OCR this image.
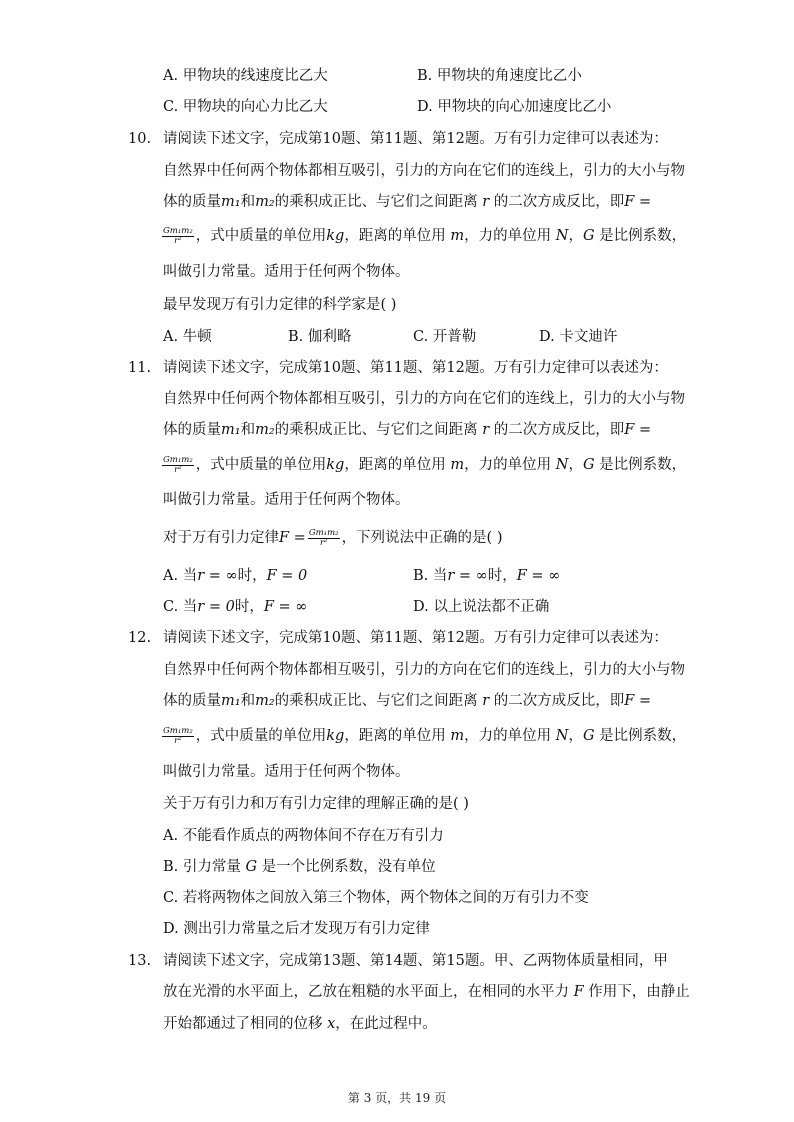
A. 甲物块的线速度比乙大	B. 甲物块的角速度比乙小
C. 甲物块的向心力比乙大	D. 甲物块的向心加速度比乙小
10. 请阅读下述文字，完成第10题、第11题、第12题。万有引力定律可以表述为：
自然界中任何两个物体都相互吸引，引力的方向在它们的连线上，引力的大小与物
体的质量m₁和m₂的乘积成正比、与它们之间距离 r 的二次方成反比，即F =
$\frac{\text{Gm₁m₂}}{\text{r²}}$ ，式中质量的单位用kg，距离的单位用 m，力的单位用 N，G 是比例系数，
叫做引力常量。适用于任何两个物体。
最早发现万有引力定律的科学家是( )
A. 牛顿	B. 伽利略	C. 开普勒	D. 卡文迪许
11. 请阅读下述文字，完成第10题、第11题、第12题。万有引力定律可以表述为：
自然界中任何两个物体都相互吸引，引力的方向在它们的连线上，引力的大小与物
体的质量m₁和m₂的乘积成正比、与它们之间距离 r 的二次方成反比，即F =
$\frac{\text{Gm₁m₂}}{\text{r²}}$ ，式中质量的单位用kg，距离的单位用 m，力的单位用 N，G 是比例系数，
叫做引力常量。适用于任何两个物体。
对于万有引力定律$F = \frac{\text{Gm₁m₂}}{\text{r²}}$ ，下列说法中正确的是( )
A. 当r = ∞时，F = 0	B. 当r = ∞时，F = ∞
C. 当r = 0时，F = ∞	D. 以上说法都不正确
12. 请阅读下述文字，完成第10题、第11题、第12题。万有引力定律可以表述为：
自然界中任何两个物体都相互吸引，引力的方向在它们的连线上，引力的大小与物
体的质量m₁和m₂的乘积成正比、与它们之间距离 r 的二次方成反比，即F =
$\frac{\text{Gm₁m₂}}{\text{r²}}$ ，式中质量的单位用kg，距离的单位用 m，力的单位用 N，G 是比例系数，
叫做引力常量。适用于任何两个物体。
关于万有引力和万有引力定律的理解正确的是( )
A. 不能看作质点的两物体间不存在万有引力
B. 引力常量 G 是一个比例系数，没有单位
C. 若将两物体之间放入第三个物体，两个物体之间的万有引力不变
D. 测出引力常量之后才发现万有引力定律
13. 请阅读下述文字，完成第13题、第14题、第15题。甲、乙两物体质量相同，甲
放在光滑的水平面上，乙放在粗糙的水平面上，在相同的水平力 F 作用下，由静止
开始都通过了相同的位移 x，在此过程中。
第 3 页，共 19 页
